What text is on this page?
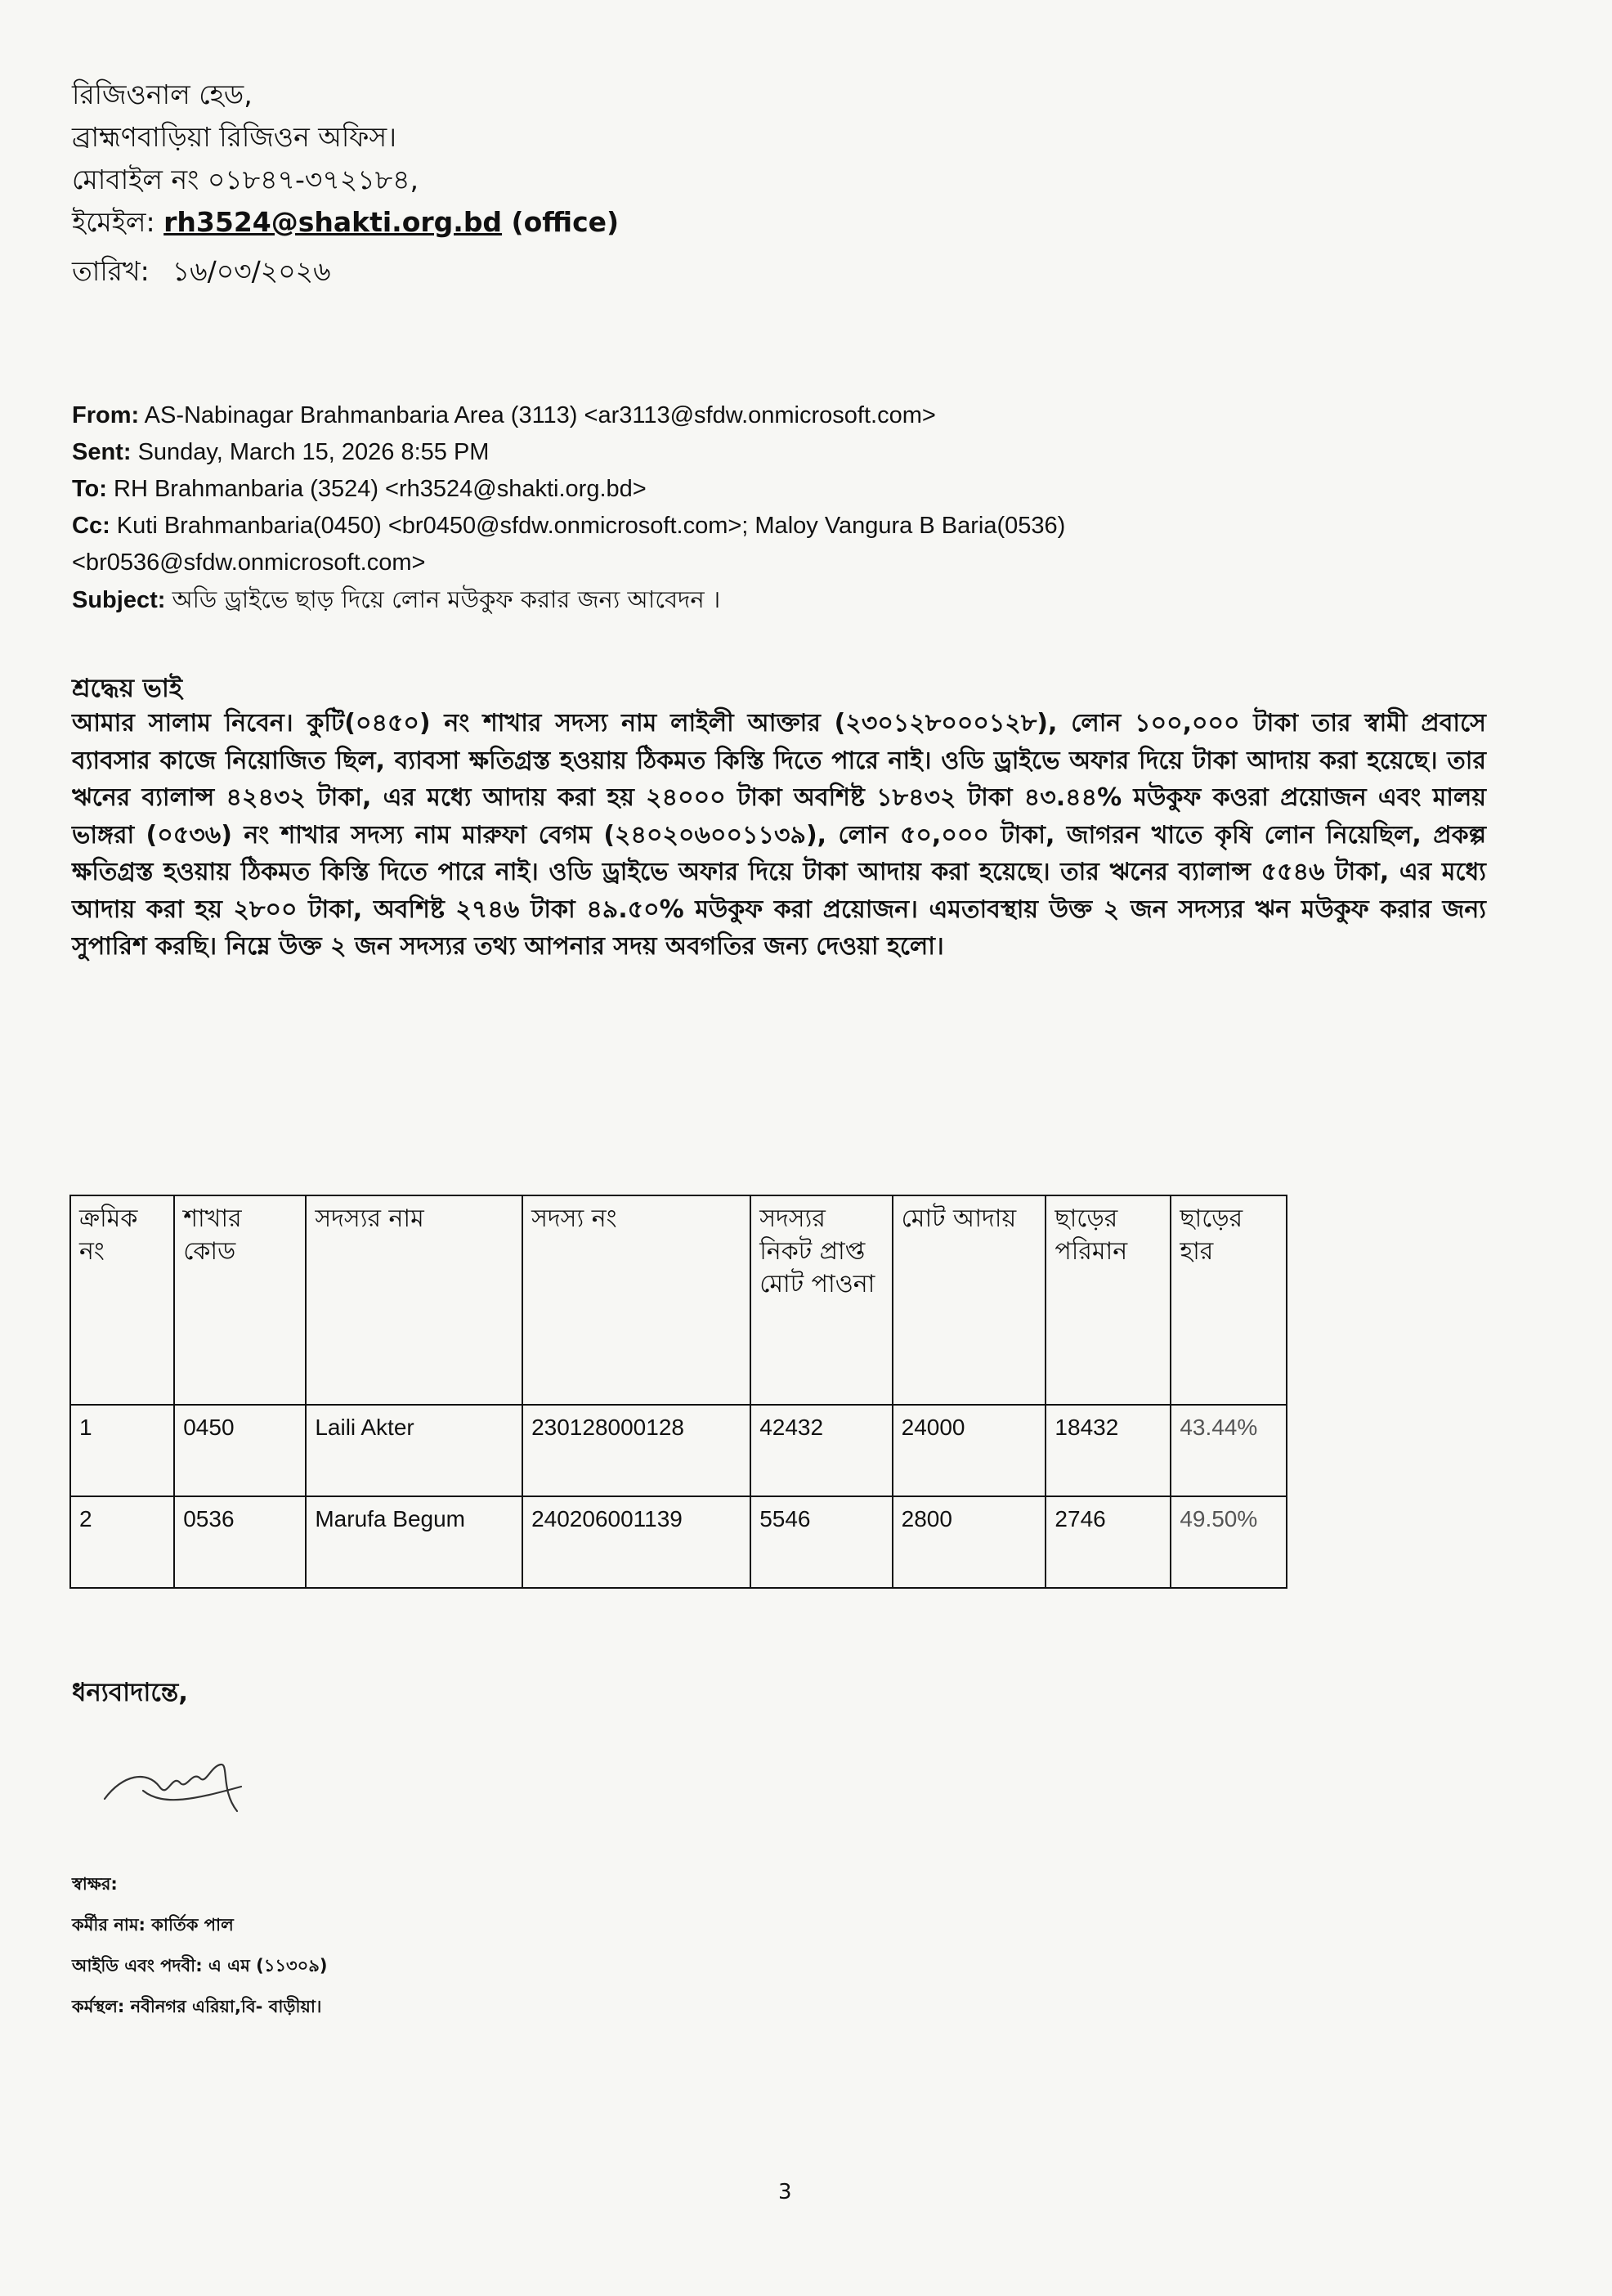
রিজিওনাল হেড,
ব্রাহ্মণবাড়িয়া রিজিওন অফিস।
মোবাইল নং ০১৮৪৭-৩৭২১৮৪,
ইমেইল: rh3524@shakti.org.bd (office)
তারিখ: ১৬/০৩/২০২৬
From: AS-Nabinagar Brahmanbaria Area (3113) <ar3113@sfdw.onmicrosoft.com>
Sent: Sunday, March 15, 2026 8:55 PM
To: RH Brahmanbaria (3524) <rh3524@shakti.org.bd>
Cc: Kuti Brahmanbaria(0450) <br0450@sfdw.onmicrosoft.com>; Maloy Vangura B Baria(0536)
<br0536@sfdw.onmicrosoft.com>
Subject: অডি ড্রাইভে ছাড় দিয়ে লোন মউকুফ করার জন্য আবেদন ।
শ্রদ্ধেয় ভাই
আমার সালাম নিবেন। কুটি(০৪৫০) নং শাখার সদস্য নাম লাইলী আক্তার (২৩০১২৮০০০১২৮), লোন ১০০,০০০ টাকা তার স্বামী প্রবাসে ব্যাবসার কাজে নিয়োজিত ছিল, ব্যাবসা ক্ষতিগ্রস্ত হওয়ায় ঠিকমত কিস্তি দিতে পারে নাই। ওডি ড্রাইভে অফার দিয়ে টাকা আদায় করা হয়েছে। তার ঋনের ব্যালান্স ৪২৪৩২ টাকা, এর মধ্যে আদায় করা হয় ২৪০০০ টাকা অবশিষ্ট ১৮৪৩২ টাকা ৪৩.৪৪% মউকুফ কওরা প্রয়োজন এবং মালয় ভাঙ্গরা (০৫৩৬) নং শাখার সদস্য নাম মারুফা বেগম (২৪০২০৬০০১১৩৯), লোন ৫০,০০০ টাকা, জাগরন খাতে কৃষি লোন নিয়েছিল, প্রকল্প ক্ষতিগ্রস্ত হওয়ায় ঠিকমত কিস্তি দিতে পারে নাই। ওডি ড্রাইভে অফার দিয়ে টাকা আদায় করা হয়েছে। তার ঋনের ব্যালান্স ৫৫৪৬ টাকা, এর মধ্যে আদায় করা হয় ২৮০০ টাকা, অবশিষ্ট ২৭৪৬ টাকা ৪৯.৫০% মউকুফ করা প্রয়োজন। এমতাবস্থায় উক্ত ২ জন সদস্যর ঋন মউকুফ করার জন্য সুপারিশ করছি। নিম্নে উক্ত ২ জন সদস্যর তথ্য আপনার সদয় অবগতির জন্য দেওয়া হলো।
ক্রমিক নং	শাখার কোড	সদস্যর নাম	সদস্য নং	সদস্যর নিকট প্রাপ্ত মোট পাওনা	মোট আদায়	ছাড়ের পরিমান	ছাড়ের হার
1	0450	Laili Akter	230128000128	42432	24000	18432	43.44%
2	0536	Marufa Begum	240206001139	5546	2800	2746	49.50%
ধন্যবাদান্তে,
স্বাক্ষর:
কর্মীর নাম: কার্তিক পাল
আইডি এবং পদবী: এ এম (১১৩০৯)
কর্মস্থল: নবীনগর এরিয়া,বি- বাড়ীয়া।
3
